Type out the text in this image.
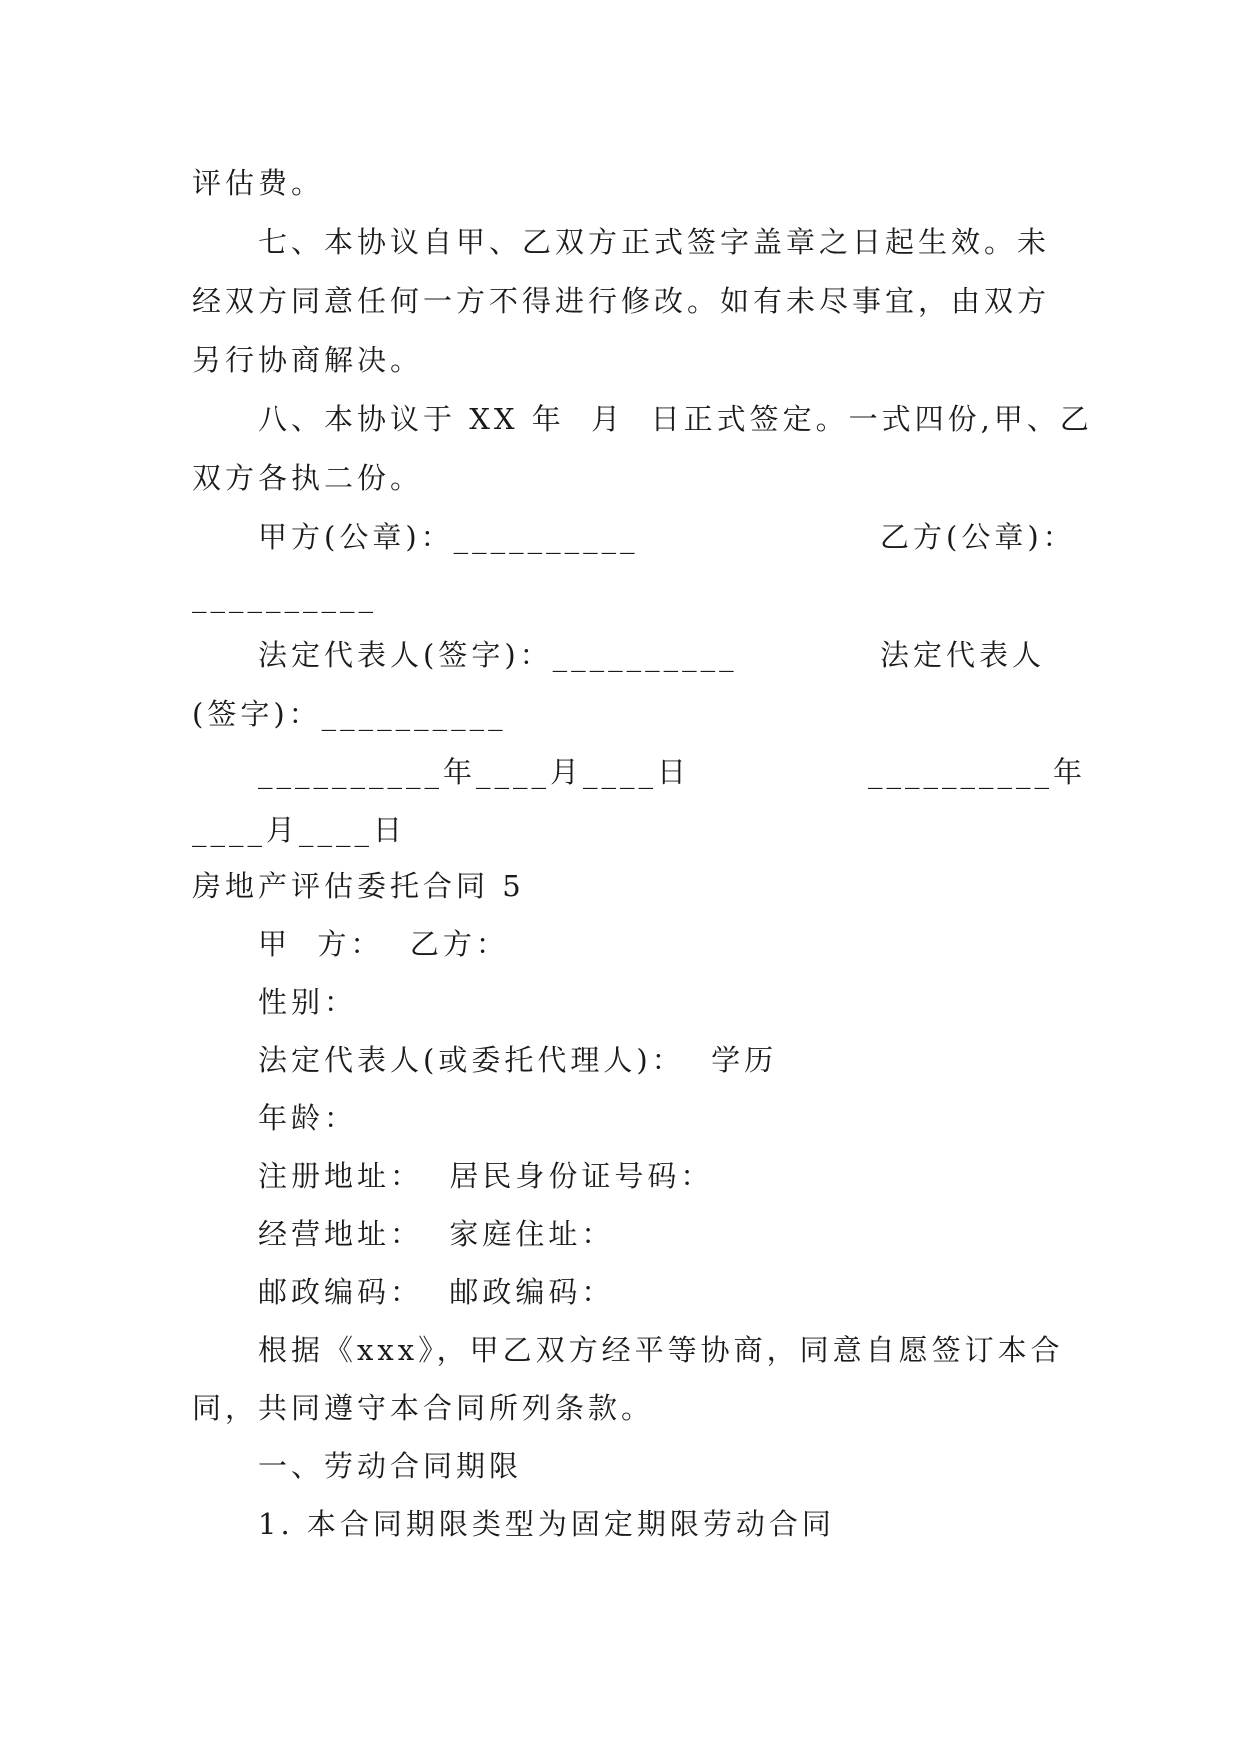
评估费。

七、本协议自甲、乙双方正式签字盖章之日起生效。未

经双方同意任何一方不得进行修改。如有未尽事宜，由双方

另行协商解决。

八、本协议于 XX 年  月  日正式签定。一式四份,甲、乙

双方各执二份。

甲方(公章)：__________	乙方(公章)：

__________

法定代表人(签字)：__________	法定代表人

(签字)：__________

__________年____月____日	__________年

____月____日

房地产评估委托合同 5

甲  方：  乙方：

性别：

法定代表人(或委托代理人)：  学历

年龄：

注册地址：  居民身份证号码：

经营地址：  家庭住址：

邮政编码：  邮政编码：

根据《xxx》，甲乙双方经平等协商，同意自愿签订本合

同，共同遵守本合同所列条款。

一、劳动合同期限

1. 本合同期限类型为固定期限劳动合同
